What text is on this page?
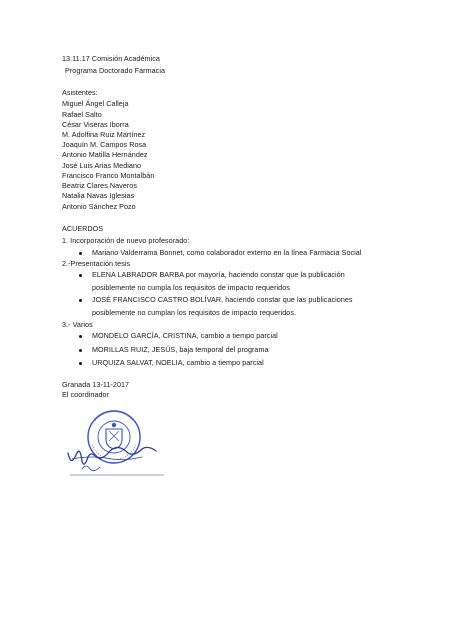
13.11.17 Comisión Académica
Programa Doctorado Farmacia
Asistentes:
Miguel Ángel Calleja
Rafael Salto
César Viseras Iborra
M. Adolfina Ruiz Martínez
Joaquín M. Campos Rosa
Antonio Matilla Hernández
José Luis Arias Mediano
Francisco Franco Montalbán
Beatriz Clares Naveros
Natalia Navas Iglesias
Antonio Sánchez Pozo
ACUERDOS
1. Incorporación de nuevo profesorado:
Mariano Valderrama Bonnet, como colaborador externo en la línea Farmacia Social
2.-Presentación tesis
ELENA LABRADOR BARBA por mayoría, haciendo constar que la publicación
posiblemente no cumpla los requisitos de impacto requeridos
JOSÉ FRANCISCO CASTRO BOLÍVAR, haciendo constar que las publicaciones
posiblemente no cumplan los requisitos de impacto requeridos.
3.- Varios
MONDELO GARCÍA, CRISTINA, cambio a tiempo parcial
MORILLAS RUIZ, JESÚS, baja temporal del programa
URQUIZA SALVAT, NOELIA, cambio a tiempo parcial
Granada 13-11-2017
El coordinador
